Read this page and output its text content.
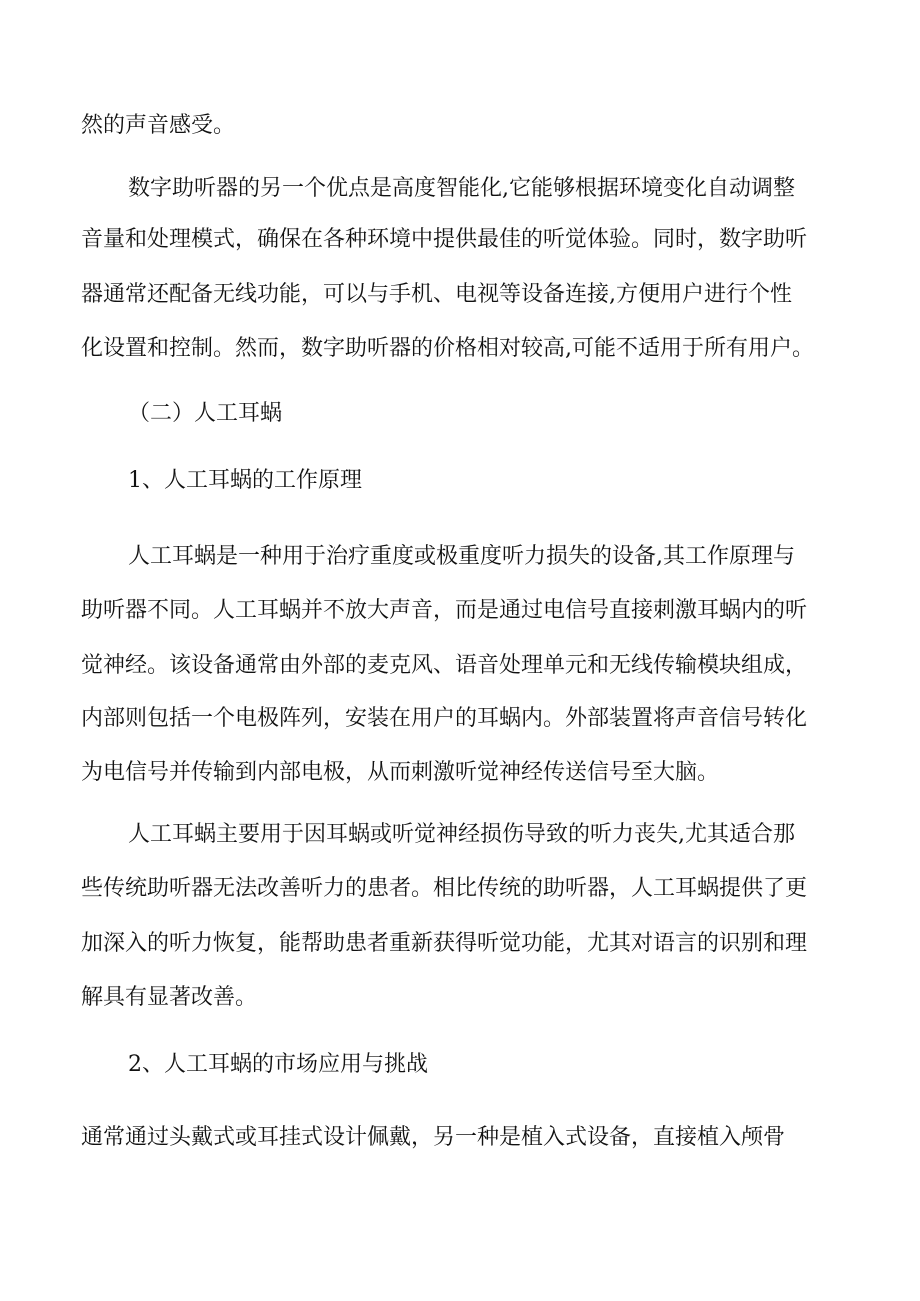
然的声音感受。
数字助听器的另一个优点是高度智能化,它能够根据环境变化自动调整
音量和处理模式，确保在各种环境中提供最佳的听觉体验。同时，数字助听
器通常还配备无线功能，可以与手机、电视等设备连接,方便用户进行个性
化设置和控制。然而，数字助听器的价格相对较高,可能不适用于所有用户。
（二）人工耳蜗
1、人工耳蜗的工作原理
人工耳蜗是一种用于治疗重度或极重度听力损失的设备,其工作原理与
助听器不同。人工耳蜗并不放大声音，而是通过电信号直接刺激耳蜗内的听
觉神经。该设备通常由外部的麦克风、语音处理单元和无线传输模块组成，
内部则包括一个电极阵列，安装在用户的耳蜗内。外部装置将声音信号转化
为电信号并传输到内部电极，从而刺激听觉神经传送信号至大脑。
人工耳蜗主要用于因耳蜗或听觉神经损伤导致的听力丧失,尤其适合那
些传统助听器无法改善听力的患者。相比传统的助听器，人工耳蜗提供了更
加深入的听力恢复，能帮助患者重新获得听觉功能，尤其对语言的识别和理
解具有显著改善。
2、人工耳蜗的市场应用与挑战
通常通过头戴式或耳挂式设计佩戴，另一种是植入式设备，直接植入颅骨
